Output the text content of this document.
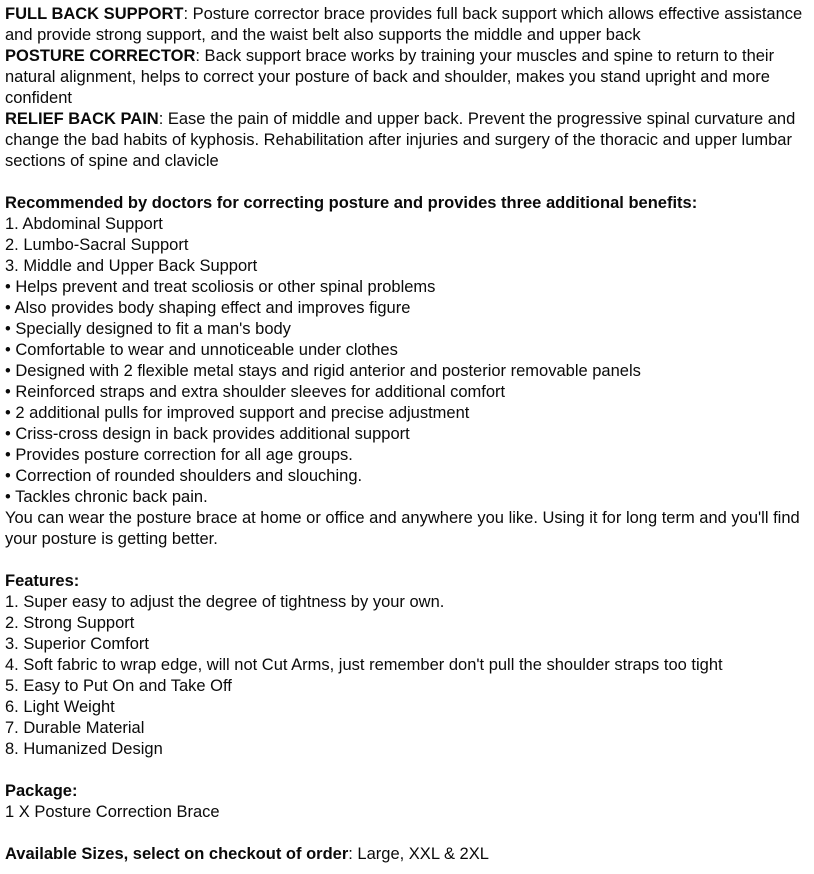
FULL BACK SUPPORT: Posture corrector brace provides full back support which allows effective assistance and provide strong support, and the waist belt also supports the middle and upper back

POSTURE CORRECTOR: Back support brace works by training your muscles and spine to return to their natural alignment, helps to correct your posture of back and shoulder, makes you stand upright and more confident

RELIEF BACK PAIN: Ease the pain of middle and upper back. Prevent the progressive spinal curvature and change the bad habits of kyphosis. Rehabilitation after injuries and surgery of the thoracic and upper lumbar sections of spine and clavicle

Recommended by doctors for correcting posture and provides three additional benefits:

1. Abdominal Support

2. Lumbo-Sacral Support

3. Middle and Upper Back Support

• Helps prevent and treat scoliosis or other spinal problems

• Also provides body shaping effect and improves figure

• Specially designed to fit a man's body

• Comfortable to wear and unnoticeable under clothes

• Designed with 2 flexible metal stays and rigid anterior and posterior removable panels

• Reinforced straps and extra shoulder sleeves for additional comfort

• 2 additional pulls for improved support and precise adjustment

• Criss-cross design in back provides additional support

• Provides posture correction for all age groups.

• Correction of rounded shoulders and slouching.

• Tackles chronic back pain.

You can wear the posture brace at home or office and anywhere you like. Using it for long term and you'll find your posture is getting better.

Features:

1. Super easy to adjust the degree of tightness by your own.

2. Strong Support

3. Superior Comfort

4. Soft fabric to wrap edge, will not Cut Arms, just remember don't pull the shoulder straps too tight

5. Easy to Put On and Take Off

6. Light Weight

7. Durable Material

8. Humanized Design

Package:

1 X Posture Correction Brace

Available Sizes, select on checkout of order: Large, XXL & 2XL
